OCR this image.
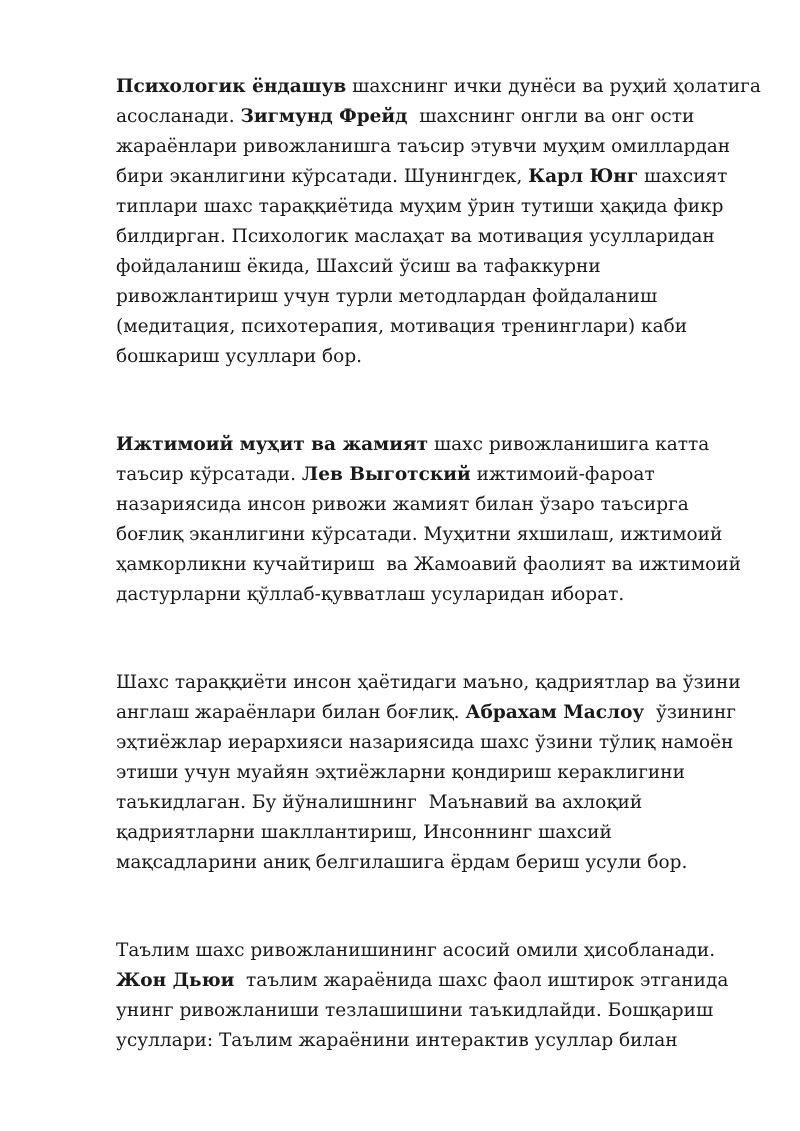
Психологик ёндашув шахснинг ички дунёси ва руҳий ҳолатига
асосланади. Зигмунд Фрейд  шахснинг онгли ва онг ости
жараёнлари ривожланишга таъсир этувчи муҳим омиллардан
бири эканлигини кўрсатади. Шунингдек, Карл Юнг шахсият
типлари шахс тараққиётида муҳим ўрин тутиши ҳақида фикр
билдирган. Психологик маслаҳат ва мотивация усулларидан
фойдаланиш ёкида, Шахсий ўсиш ва тафаккурни
ривожлантириш учун турли методлардан фойдаланиш
(медитация, психотерапия, мотивация тренинглари) каби
бошкариш усуллари бор.

Ижтимоий муҳит ва жамият шахс ривожланишига катта
таъсир кўрсатади. Лев Выготский ижтимоий-фароат
назариясида инсон ривожи жамият билан ўзаро таъсирга
боғлиқ эканлигини кўрсатади. Муҳитни яхшилаш, ижтимоий
ҳамкорликни кучайтириш  ва Жамоавий фаолият ва ижтимоий
дастурларни қўллаб-қувватлаш усуларидан иборат.

Шахс тараққиёти инсон ҳаётидаги маъно, қадриятлар ва ўзини
англаш жараёнлари билан боғлиқ. Абрахам Маслоу  ўзининг
эҳтиёжлар иерархияси назариясида шахс ўзини тўлиқ намоён
этиши учун муайян эҳтиёжларни қондириш кераклигини
таъкидлаган. Бу йўналишнинг  Маънавий ва ахлоқий
қадриятларни шакллантириш, Инсоннинг шахсий
мақсадларини аниқ белгилашига ёрдам бериш усули бор.

Таълим шахс ривожланишининг асосий омили ҳисобланади.
Жон Дьюи  таълим жараёнида шахс фаол иштирок этганида
унинг ривожланиши тезлашишини таъкидлайди. Бошқариш
усуллари: Таълим жараёнини интерактив усуллар билан
